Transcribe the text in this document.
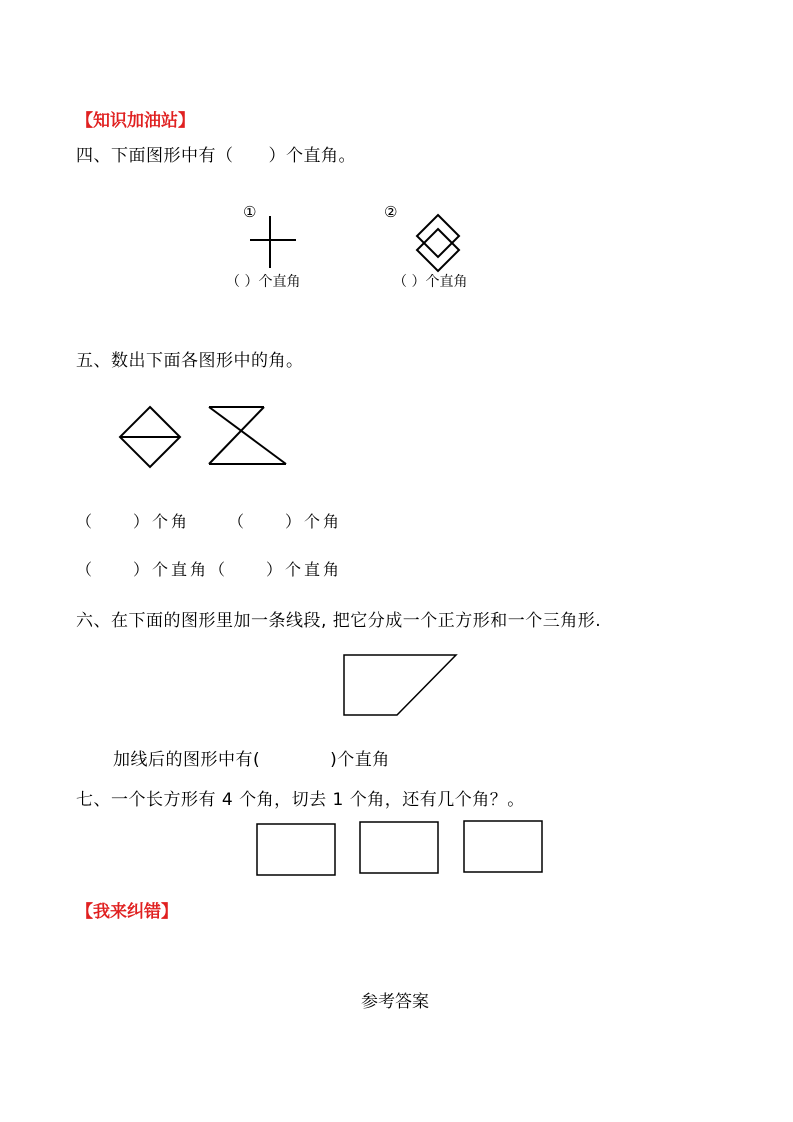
【知识加油站】
四、下面图形中有（　　）个直角。
①
（ ）个直角
②
（ ）个直角
五、数出下面各图形中的角。
（　　）个角 （　　）个角
（　　）个直角（　　）个直角
六、在下面的图形里加一条线段, 把它分成一个正方形和一个三角形.
加线后的图形中有(　　　　)个直角
七、一个长方形有 4 个角，切去 1 个角，还有几个角？。
【我来纠错】
参考答案
